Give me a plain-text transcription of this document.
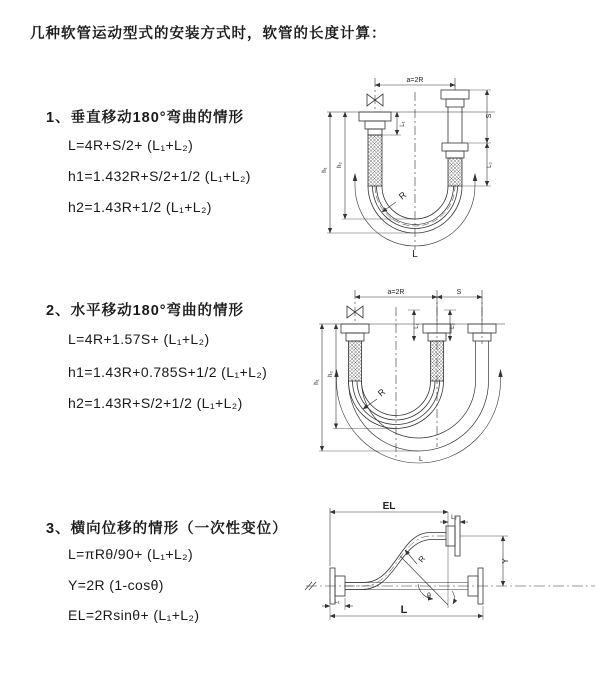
几种软管运动型式的安装方式时，软管的长度计算：
1、垂直移动180°弯曲的情形
L=4R+S/2+ (L₁+L₂)
h1=1.432R+S/2+1/2 (L₁+L₂)
h2=1.43R+1/2 (L₁+L₂)
2、水平移动180°弯曲的情形
L=4R+1.57S+ (L₁+L₂)
h1=1.43R+0.785S+1/2 (L₁+L₂)
h2=1.43R+S/2+1/2 (L₁+L₂)
3、横向位移的情形（一次性变位）
L=πRθ/90+ (L₁+L₂)
Y=2R (1-cosθ)
EL=2Rsinθ+ (L₁+L₂)
a=2R
S
L₂
L₁
h₁
h₂
R
L
a=2R	S
L₁	L₂
h₁
h₂
R
L
EL
L₂
Y
L
L₁
R
θ
